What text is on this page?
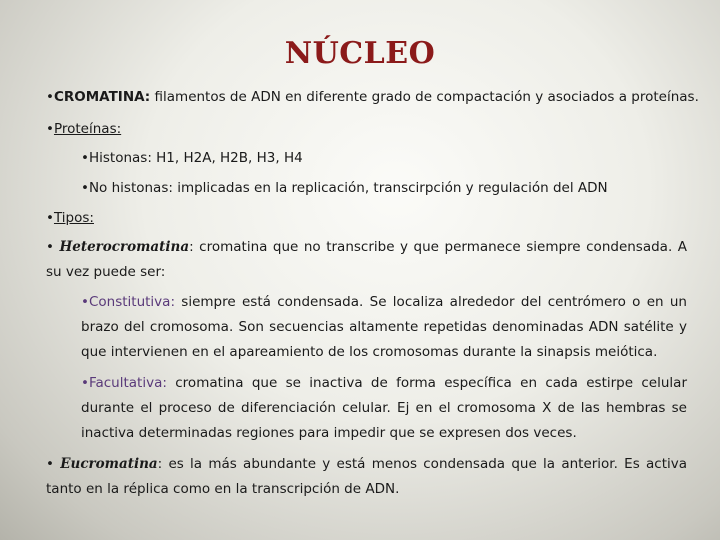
NÚCLEO
•CROMATINA: filamentos de ADN en diferente grado de compactación y asociados a proteínas.
•Proteínas:
•Histonas: H1, H2A, H2B, H3, H4
•No histonas: implicadas en la replicación, transcirpción y regulación del ADN
•Tipos:
• Heterocromatina: cromatina que no transcribe y que permanece siempre condensada. A su vez puede ser:
•Constitutiva: siempre está condensada. Se localiza alrededor del centrómero o en un brazo del cromosoma. Son secuencias altamente repetidas denominadas ADN satélite y que intervienen en el apareamiento de los cromosomas durante la sinapsis meiótica.
•Facultativa: cromatina que se inactiva de forma específica en cada estirpe celular durante el proceso de diferenciación celular. Ej en el cromosoma X de las hembras se inactiva determinadas regiones para impedir que se expresen dos veces.
• Eucromatina: es la más abundante y está menos condensada que la anterior. Es activa tanto en la réplica como en la transcripción de ADN.
